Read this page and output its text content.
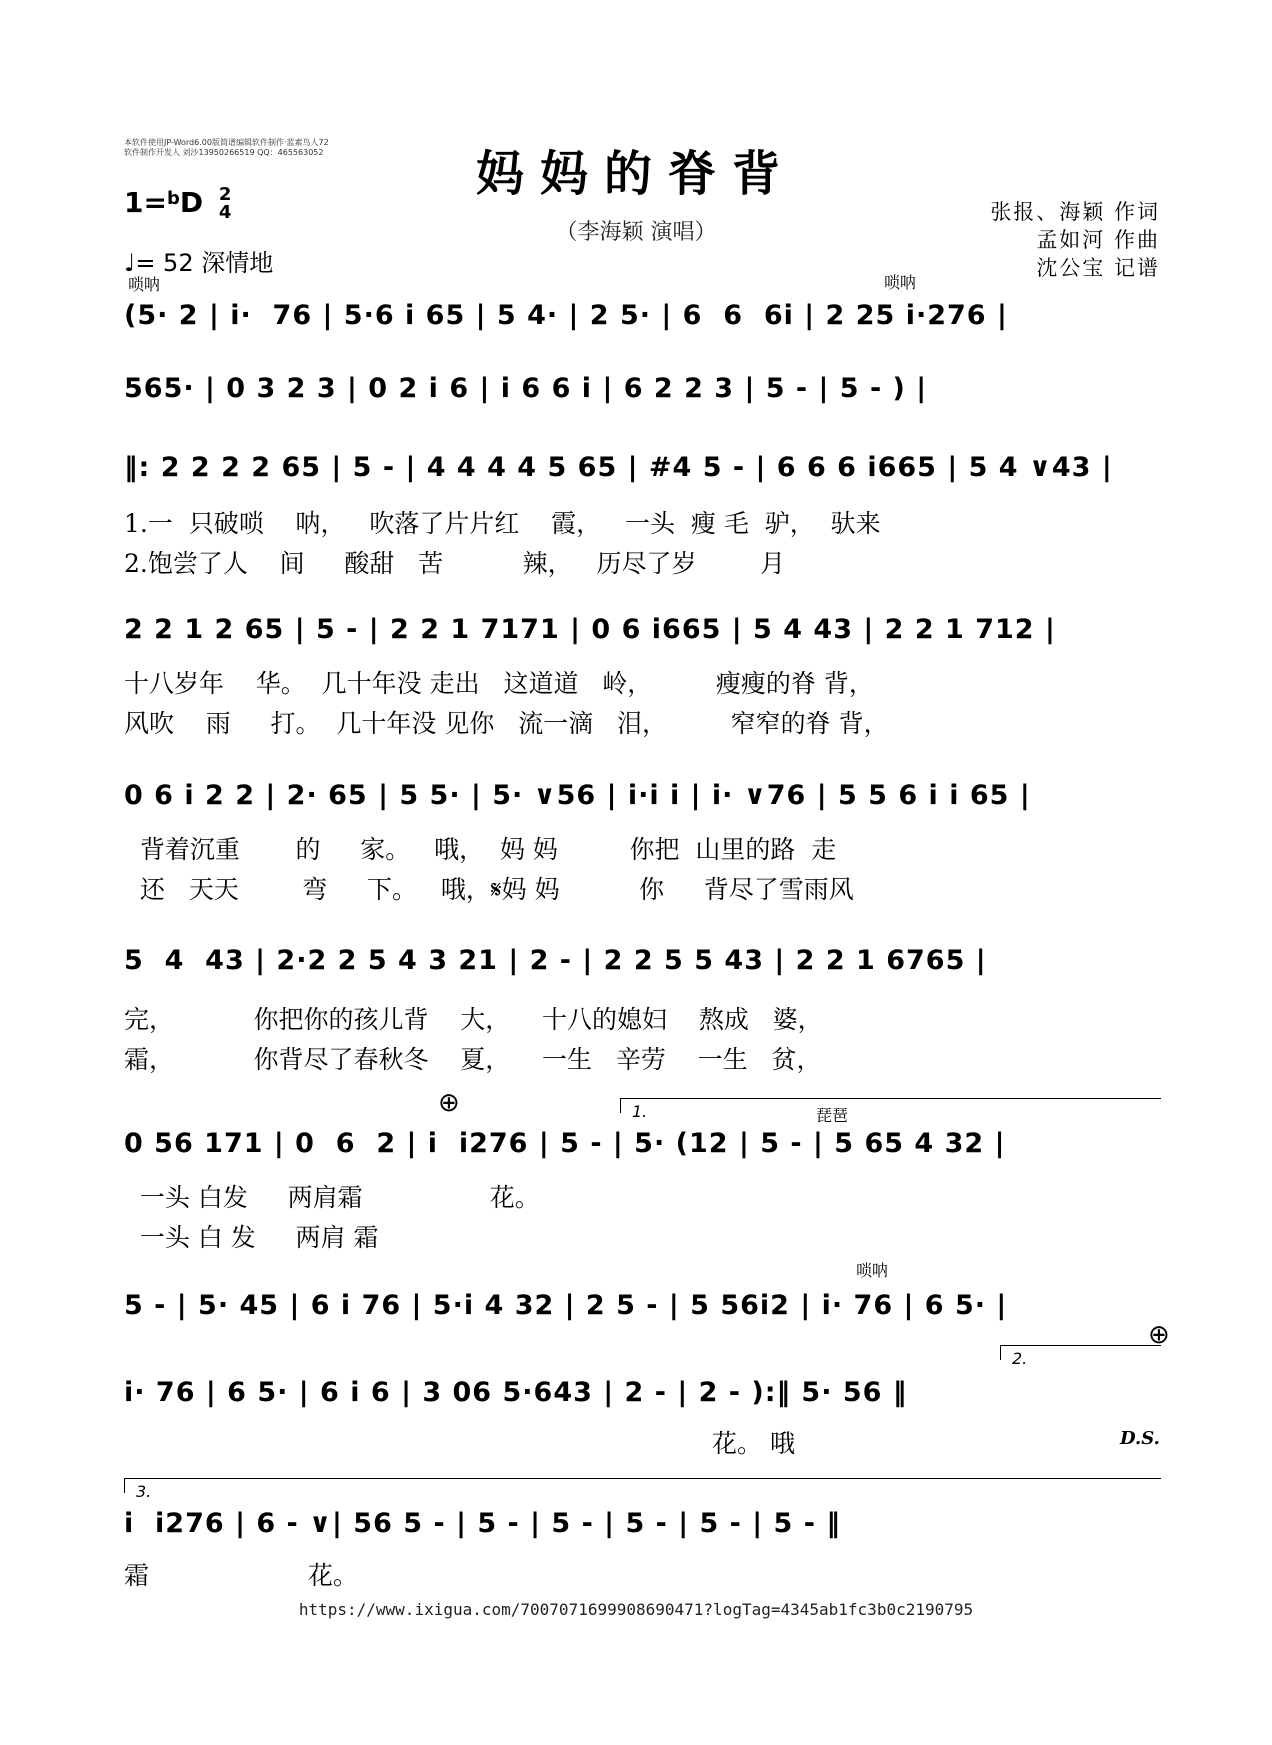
本软件使用JP-Word6.00版简谱编辑软件制作·蓝素鸟人72
软件制作开发人 刘沙13950266519 QQ：465563052	妈妈的脊背
（李海颖 演唱）
张报、海颖 作词
孟如河 作曲
沈公宝 记谱
1=$^b$D 2
4
♩= 52 深情地
唢呐	唢呐
琵琶
唢呐
(5· 2 | i·  76 | 5·6 i 65 | 5 4· | 2 5· | 6  6  6i | 2 25 i·276 |
565· | 0 3 2 3 | 0 2 i 6 | i 6 6 i | 6 2 2 3 | 5 - | 5 - ) |
‖: 2 2 2 2 65 | 5 - | 4 4 4 4 5 65 | #4 5 - | 6 6 6 i665 | 5 4 ∨43 |
1.一  只破唢    呐，   吹落了片片红    霞，   一头  瘦 毛  驴，  驮来
2.饱尝了人    间     酸甜   苦          辣，   历尽了岁        月
2 2 1 2 65 | 5 - | 2 2 1 7171 | 0 6 i665 | 5 4 43 | 2 2 1 712 |
十八岁年    华。  几十年没 走出   这道道   岭，        瘦瘦的脊 背，
风吹    雨     打。  几十年没 见你   流一滴   泪，        窄窄的脊 背，
0 6 i 2 2 | 2· 65 | 5 5· | 5· ∨56 | i·i i | i· ∨76 | 5 5 6 i i 65 |
背着沉重       的     家。   哦，  妈 妈         你把  山里的路  走
还   天天        弯     下。   哦，𝄋妈 妈          你     背尽了雪雨风
5  4  43 | 2·2 2 5 4 3 21 | 2 - | 2 2 5 5 43 | 2 2 1 6765 |
完，          你把你的孩儿背    大，    十八的媳妇    熬成   婆，
霜，          你背尽了春秋冬    夏，    一生   辛劳    一生   贫，
⊕	1.
0 56 171 | 0  6  2 | i  i276 | 5 - | 5· (12 | 5 - | 5 65 4 32 |
一头 白发     两肩霜                花。
一头 白 发     两肩 霜
5 - | 5· 45 | 6 i 76 | 5·i 4 32 | 2 5 - | 5 56i2 | i· 76 | 6 5· |
⊕
2.
i· 76 | 6 5· | 6 i 6 | 3 06 5·643 | 2 - | 2 - ):‖ 5· 56 ‖
花。 哦	D.S.
3.
i  i276 | 6 - ∨| 56 5 - | 5 - | 5 - | 5 - | 5 - | 5 - ‖
霜                    花。
https://www.ixigua.com/7007071699908690471?logTag=4345ab1fc3b0c2190795
